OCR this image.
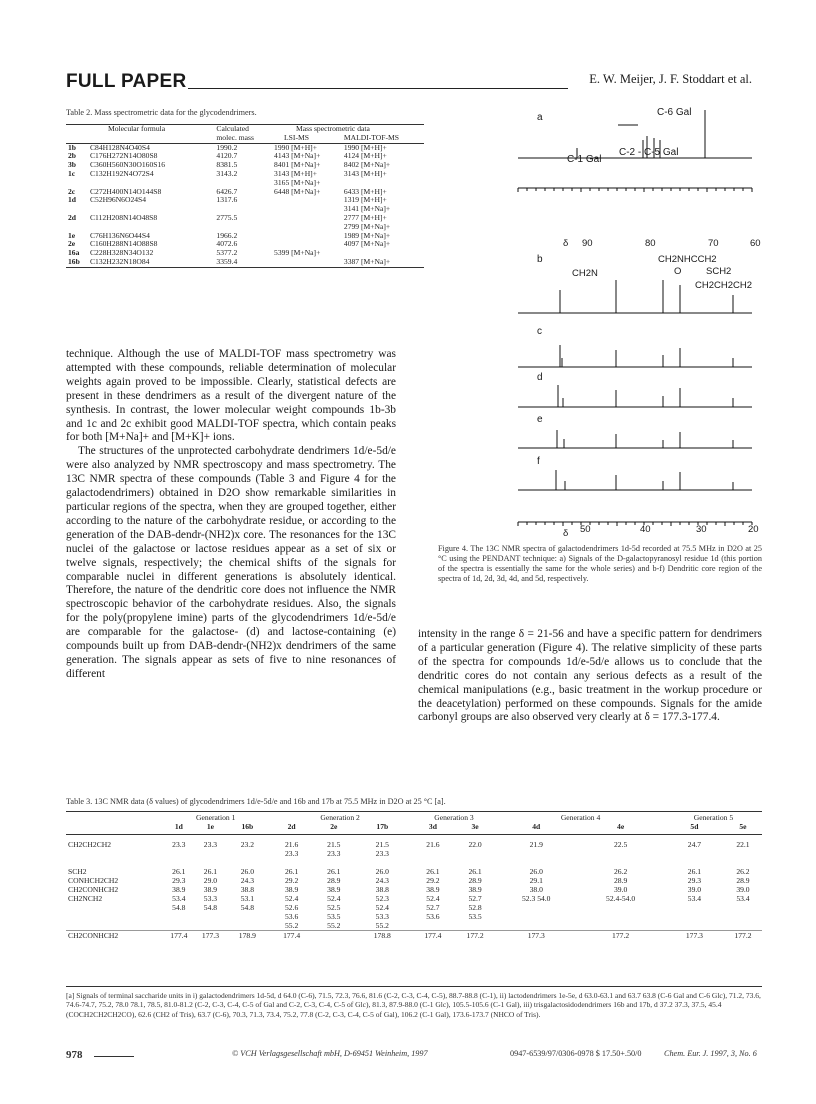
FULL PAPER	E. W. Meijer, J. F. Stoddart et al.
Table 2. Mass spectrometric data for the glycodendrimers.

	Molecular formula	Calculated	Mass spectrometric data	
		molec. mass	LSI-MS	MALDI-TOF-MS

1b	C84H128N4O40S4	1990.2	1990 [M+H]+	1990 [M+H]+
2b	C176H272N14O80S8	4120.7	4143 [M+Na]+	4124 [M+H]+
3b	C360H560N30O160S16	8381.5	8401 [M+Na]+	8402 [M+Na]+
1c	C132H192N4O72S4	3143.2	3143 [M+H]+	3143 [M+H]+
			3165 [M+Na]+	
2c	C272H400N14O144S8	6426.7	6448 [M+Na]+	6433 [M+H]+
1d	C52H96N6O24S4	1317.6		1319 [M+H]+
				3141 [M+Na]+
2d	C112H208N14O48S8	2775.5		2777 [M+H]+
				2799 [M+Na]+
1e	C76H136N6O44S4	1966.2		1989 [M+Na]+
2e	C160H288N14O88S8	4072.6		4097 [M+Na]+
16a	C228H328N34O132	5377.2	5399 [M+Na]+	
16b	C132H232N18O84	3359.4		3387 [M+Na]+

technique. Although the use of MALDI-TOF mass spectrometry was attempted with these compounds, reliable determination of molecular weights again proved to be impossible. Clearly, statistical defects are present in these dendrimers as a result of the divergent nature of the synthesis. In contrast, the lower molecular weight compounds 1b-3b and 1c and 2c exhibit good MALDI-TOF spectra, which contain peaks for both [M+Na]+ and [M+K]+ ions.

The structures of the unprotected carbohydrate dendrimers 1d/e-5d/e were also analyzed by NMR spectroscopy and mass spectrometry. The 13C NMR spectra of these compounds (Table 3 and Figure 4 for the galactodendrimers) obtained in D2O show remarkable similarities in particular regions of the spectra, when they are grouped together, either according to the nature of the carbohydrate residue, or according to the generation of the DAB-dendr-(NH2)x core. The resonances for the 13C nuclei of the galactose or lactose residues appear as a set of six or twelve signals, respectively; the chemical shifts of the signals for comparable nuclei in different generations is absolutely identical. Therefore, the nature of the dendritic core does not influence the NMR spectroscopic behavior of the carbohydrate residues. Also, the signals for the poly(propylene imine) parts of the glycodendrimers 1d/e-5d/e are comparable for the galactose- (d) and lactose-containing (e) compounds built up from DAB-dendr-(NH2)x dendrimers of the same generation. The signals appear as sets of five to nine resonances of different

a	C-6 Gal
C-1 Gal
C-2 - C-5 Gal
δ 90	80	70	60
b	CH2NHCCH2
CH2N	O	SCH2
CH2CH2CH2
c
d
e
f
δ 50	40	30	20
Figure 4. The 13C NMR spectra of galactodendrimers 1d-5d recorded at 75.5 MHz in D2O at 25 °C using the PENDANT technique: a) Signals of the D-galactopyranosyl residue 1d (this portion of the spectra is essentially the same for the whole series) and b-f) Dendritic core region of the spectra of 1d, 2d, 3d, 4d, and 5d, respectively.

intensity in the range δ = 21-56 and have a specific pattern for dendrimers of a particular generation (Figure 4). The relative simplicity of these parts of the spectra for compounds 1d/e-5d/e allows us to conclude that the dendritic cores do not contain any serious defects as a result of the chemical manipulations (e.g., basic treatment in the workup procedure or the deacetylation) performed on these compounds. Signals for the amide carbonyl groups are also observed very clearly at δ = 177.3-177.4.

Table 3. 13C NMR data (δ values) of glycodendrimers 1d/e-5d/e and 16b and 17b at 75.5 MHz in D2O at 25 °C [a].
	Generation 1			Generation 2			Generation 3		Generation 4		Generation 5	
	1d	1e	16b	2d	2e	17b	3d	3e	4d	4e	5d	5e

CH2CH2CH2	23.3	23.3	23.2	21.6	21.5	21.5	21.6	22.0	21.9	22.5	24.7	22.1
				23.3	23.3	23.3						

SCH2	26.1	26.1	26.0	26.1	26.1	26.0	26.1	26.1	26.0	26.2	26.1	26.2
CONHCH2CH2	29.3	29.0	24.3	29.2	28.9	24.3	29.2	28.9	29.1	28.9	29.3	28.9
CH2CONHCH2	38.9	38.9	38.8	38.9	38.9	38.8	38.9	38.9	38.0	39.0	39.0	39.0
CH2NCH2	53.4	53.3	53.1	52.4	52.4	52.3	52.4	52.7	52.3 54.0	52.4-54.0	53.4	53.4
	54.8	54.8	54.8	52.6	52.5	52.4	52.7	52.8				
				53.6	53.5	53.3	53.6	53.5				
				55.2	55.2	55.2						
CH2CONHCH2	177.4	177.3	178.9	177.4		178.8	177.4	177.2	177.3	177.2	177.3	177.2
[a] Signals of terminal saccharide units in i) galactodendrimers 1d-5d, d 64.0 (C-6), 71.5, 72.3, 76.6, 81.6 (C-2, C-3, C-4, C-5), 88.7-88.8 (C-1), ii) lactodendrimers 1e-5e, d 63.0-63.1 and 63.7 63.8 (C-6 Gal and C-6 Glc), 71.2, 73.6, 74.6-74.7, 75.2, 78.0 78.1, 78.5, 81.0-81.2 (C-2, C-3, C-4, C-5 of Gal and C-2, C-3, C-4, C-5 of Glc), 81.3, 87.9-88.0 (C-1 Glc), 105.5-105.6 (C-1 Gal), iii) trisgalactosidodendrimers 16b and 17b, d 37.2 37.3, 37.5, 45.4 (COCH2CH2CH2CO), 62.6 (CH2 of Tris), 63.7 (C-6), 70.3, 71.3, 73.4, 75.2, 77.8 (C-2, C-3, C-4, C-5 of Gal), 106.2 (C-1 Gal), 173.6-173.7 (NHCO of Tris).
978	© VCH Verlagsgesellschaft mbH, D-69451 Weinheim, 1997	0947-6539/97/0306-0978 $ 17.50+.50/0	Chem. Eur. J. 1997, 3, No. 6
